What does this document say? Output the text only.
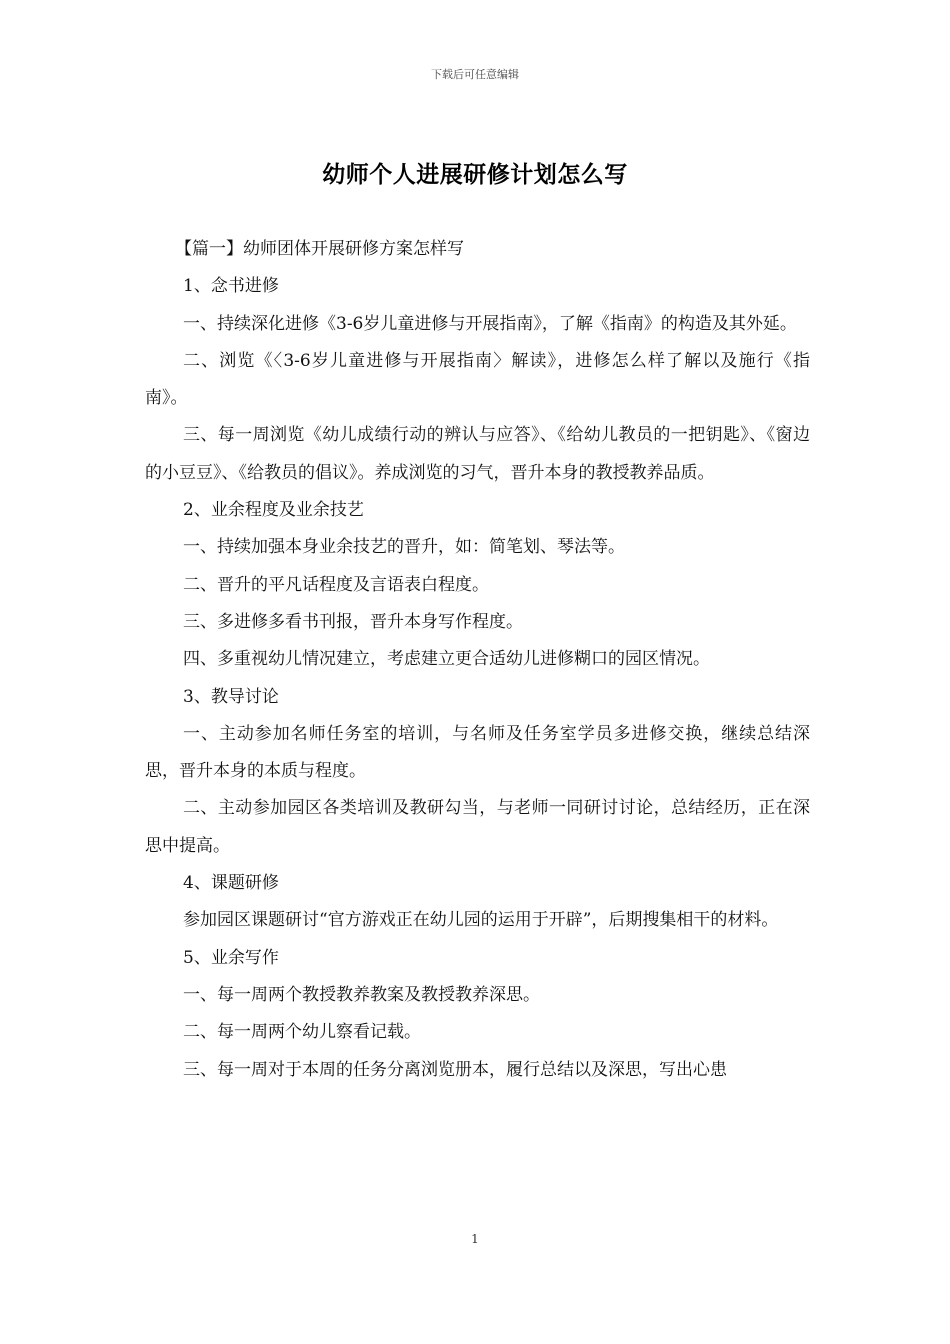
下载后可任意编辑
幼师个人进展研修计划怎么写

【篇一】幼师团体开展研修方案怎样写

1、念书进修

一、持续深化进修《3-6岁儿童进修与开展指南》，了解《指南》的构造及其外延。

二、浏览《〈3-6岁儿童进修与开展指南〉解读》，进修怎么样了解以及施行《指南》。

三、每一周浏览《幼儿成绩行动的辨认与应答》、《给幼儿教员的一把钥匙》、《窗边的小豆豆》、《给教员的倡议》。养成浏览的习气，晋升本身的教授教养品质。

2、业余程度及业余技艺

一、持续加强本身业余技艺的晋升，如：简笔划、琴法等。

二、晋升的平凡话程度及言语表白程度。

三、多进修多看书刊报，晋升本身写作程度。

四、多重视幼儿情况建立，考虑建立更合适幼儿进修糊口的园区情况。

3、教导讨论

一、主动参加名师任务室的培训，与名师及任务室学员多进修交换，继续总结深思，晋升本身的本质与程度。

二、主动参加园区各类培训及教研勾当，与老师一同研讨讨论，总结经历，正在深思中提高。

4、课题研修

参加园区课题研讨“官方游戏正在幼儿园的运用于开辟”，后期搜集相干的材料。

5、业余写作

一、每一周两个教授教养教案及教授教养深思。

二、每一周两个幼儿察看记载。

三、每一周对于本周的任务分离浏览册本，履行总结以及深思，写出心患

1
